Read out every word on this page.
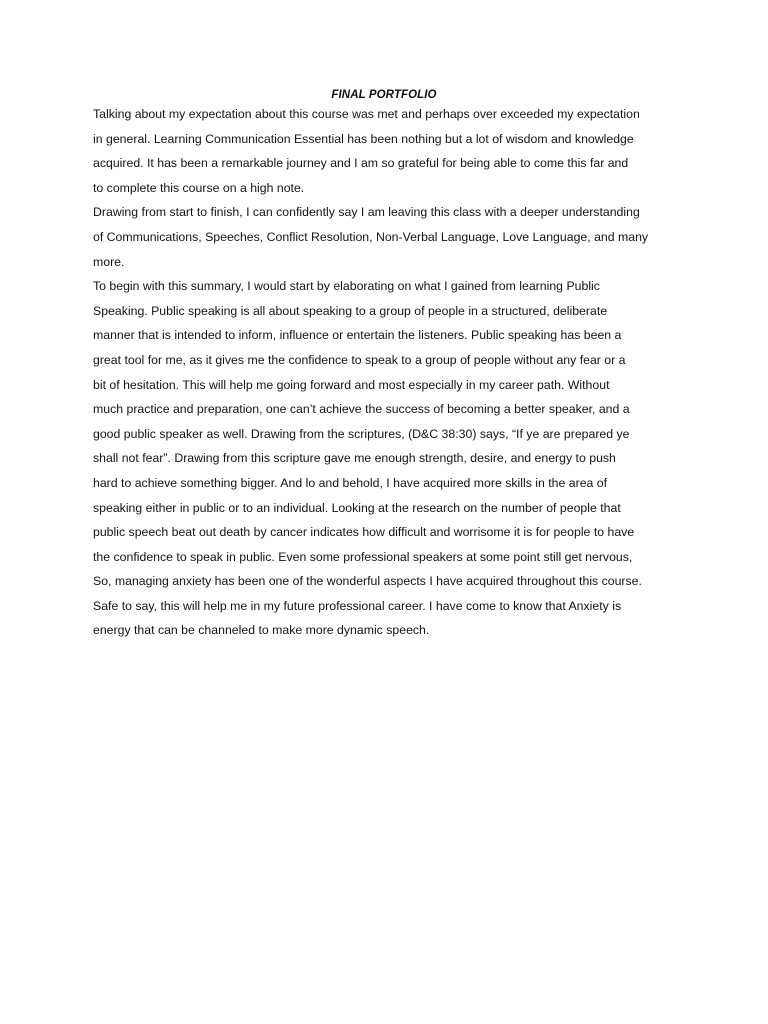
FINAL PORTFOLIO
Talking about my expectation about this course was met and perhaps over exceeded my expectation
in general. Learning Communication Essential has been nothing but a lot of wisdom and knowledge
acquired. It has been a remarkable journey and I am so grateful for being able to come this far and
to complete this course on a high note.
Drawing from start to finish, I can confidently say I am leaving this class with a deeper understanding
of Communications, Speeches, Conflict Resolution, Non-Verbal Language, Love Language, and many
more.
To begin with this summary, I would start by elaborating on what I gained from learning Public
Speaking. Public speaking is all about speaking to a group of people in a structured, deliberate
manner that is intended to inform, influence or entertain the listeners. Public speaking has been a
great tool for me, as it gives me the confidence to speak to a group of people without any fear or a
bit of hesitation. This will help me going forward and most especially in my career path. Without
much practice and preparation, one can’t achieve the success of becoming a better speaker, and a
good public speaker as well. Drawing from the scriptures, (D&C 38:30) says, “If ye are prepared ye
shall not fear”. Drawing from this scripture gave me enough strength, desire, and energy to push
hard to achieve something bigger. And lo and behold, I have acquired more skills in the area of
speaking either in public or to an individual. Looking at the research on the number of people that
public speech beat out death by cancer indicates how difficult and worrisome it is for people to have
the confidence to speak in public. Even some professional speakers at some point still get nervous,
So, managing anxiety has been one of the wonderful aspects I have acquired throughout this course.
Safe to say, this will help me in my future professional career. I have come to know that Anxiety is
energy that can be channeled to make more dynamic speech.
